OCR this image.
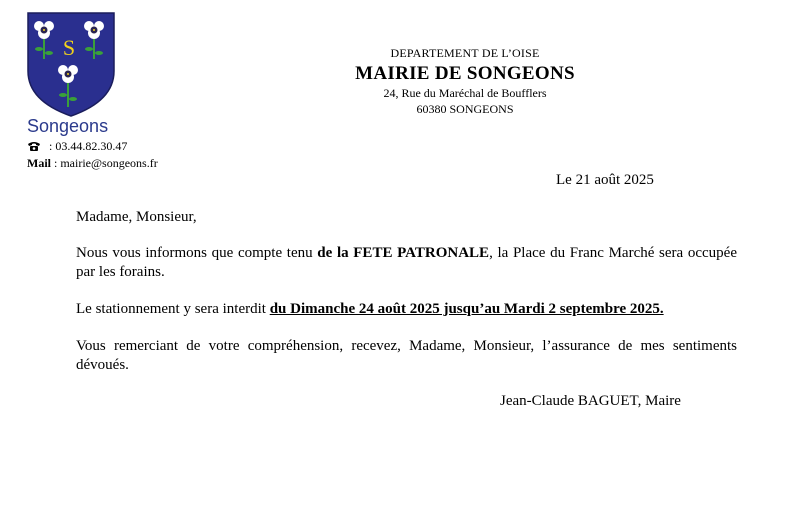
S
Songeons
: 03.44.82.30.47
Mail : mairie@songeons.fr
DEPARTEMENT DE L’OISE
MAIRIE DE SONGEONS
24, Rue du Maréchal de Boufflers
60380 SONGEONS
Le 21 août 2025
Madame, Monsieur,
Nous vous informons que compte tenu de la FETE PATRONALE, la Place du Franc Marché sera occupée par les forains.
Le stationnement y sera interdit du Dimanche 24 août 2025 jusqu’au Mardi 2 septembre 2025.
Vous remerciant de votre compréhension, recevez, Madame, Monsieur, l’assurance de mes sentiments dévoués.
Jean-Claude BAGUET, Maire
